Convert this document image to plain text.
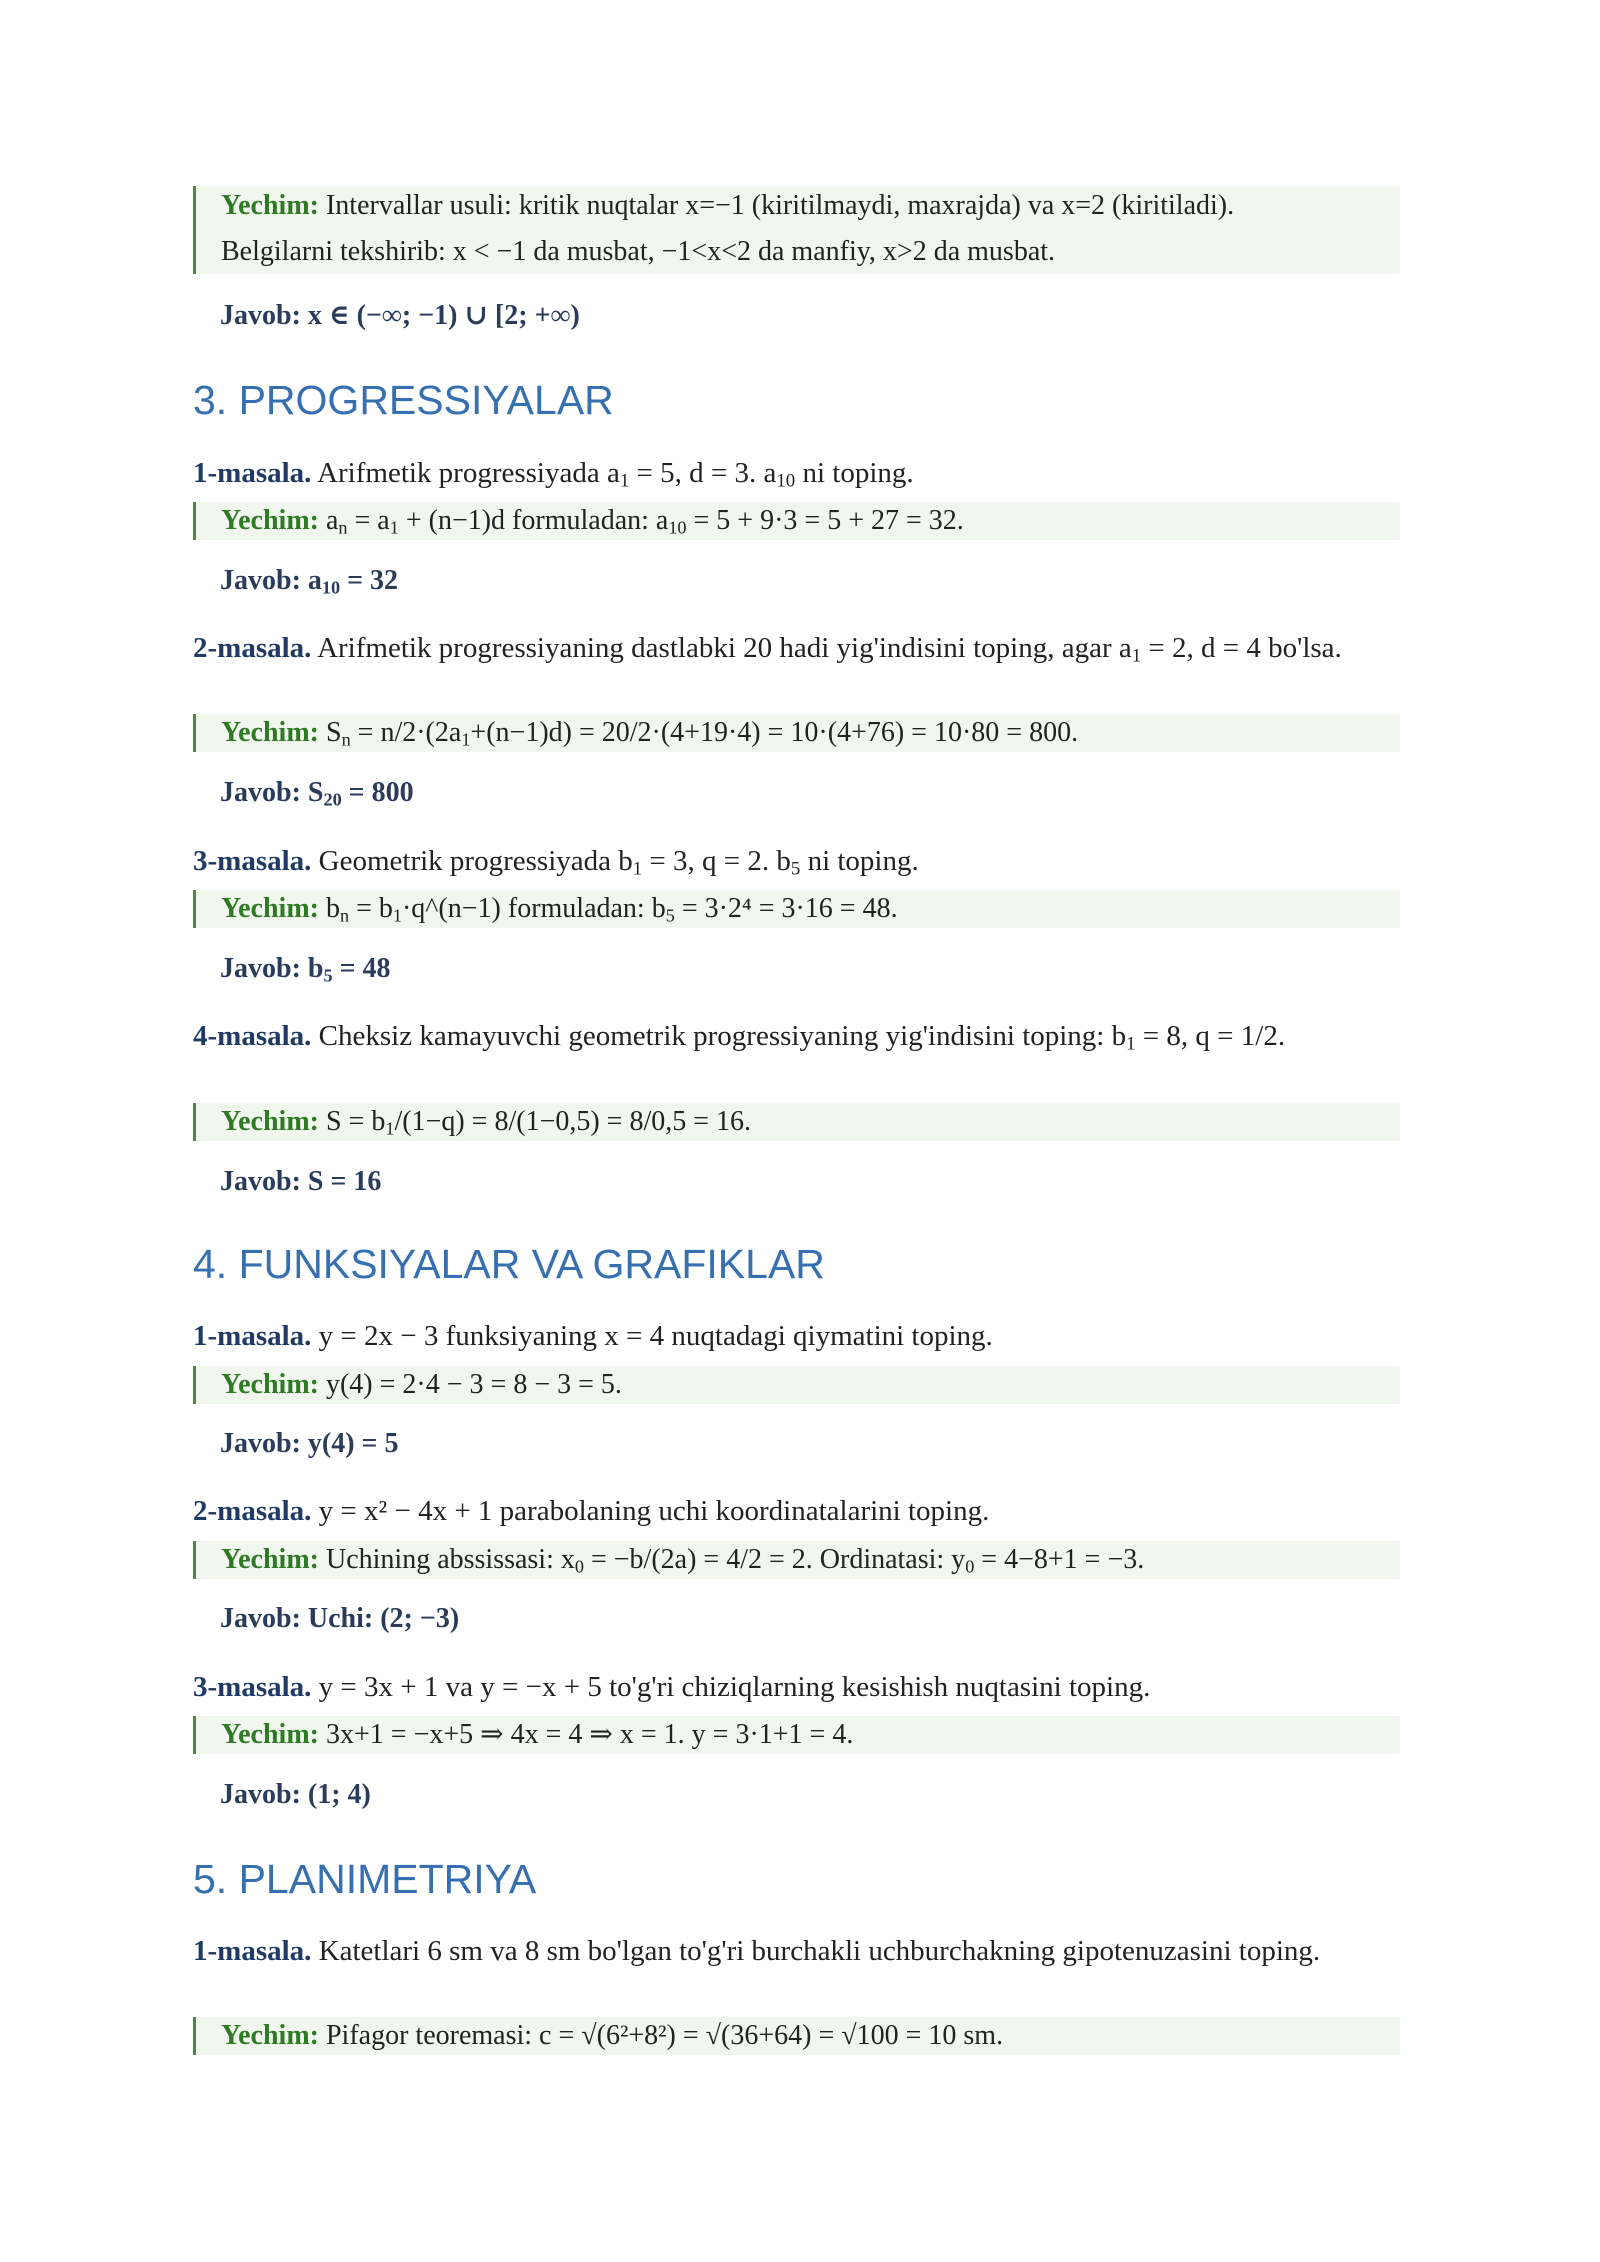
Yechim: Intervallar usuli: kritik nuqtalar x=−1 (kiritilmaydi, maxrajda) va x=2 (kiritiladi).
Belgilarni tekshirib: x < −1 da musbat, −1<x<2 da manfiy, x>2 da musbat.
Javob: x ∈ (−∞; −1) ∪ [2; +∞)
3. PROGRESSIYALAR
1-masala. Arifmetik progressiyada $a_1 = 5$, d = 3. $a_{10}$ ni toping.
Yechim: $a_n = a_1 + (n-1)d$ formuladan: $a_{10} = 5 + 9\cdot 3 = 5 + 27 = 32$.
Javob: $a_{10} = 32$
2-masala. Arifmetik progressiyaning dastlabki 20 hadi yig'indisini toping, agar $a_1 = 2$, d = 4 bo'lsa.
Yechim: $S_n = n/2\cdot(2a_1+(n-1)d) = 20/2\cdot(4+19\cdot 4) = 10\cdot(4+76) = 10\cdot 80 = 800$.
Javob: $S_{20} = 800$
3-masala. Geometrik progressiyada $b_1 = 3$, q = 2. $b_5$ ni toping.
Yechim: $b_n$ = $b_1\cdot q\^{}(n-1)$ formuladan: $b_5 = 3\cdot 2^4 = 3\cdot 16 = 48$.
Javob: $b_5 = 48$
4-masala. Cheksiz kamayuvchi geometrik progressiyaning yig'indisini toping: $b_1 = 8$, q = 1/2.
Yechim: $S = b_1/(1-q) = 8/(1-0,5) = 8/0,5 = 16$.
Javob: S = 16
4. FUNKSIYALAR VA GRAFIKLAR
1-masala. y = 2x − 3 funksiyaning x = 4 nuqtadagi qiymatini toping.
Yechim: y(4) = 2·4 − 3 = 8 − 3 = 5.
Javob: y(4) = 5
2-masala. y = x² − 4x + 1 parabolaning uchi koordinatalarini toping.
Yechim: Uchining abssissasi: $x_0 = -b/(2a) = 4/2 = 2$. Ordinatasi: $y_0 = 4-8+1 = -3$.
Javob: Uchi: (2; −3)
3-masala. y = 3x + 1 va y = −x + 5 to'g'ri chiziqlarning kesishish nuqtasini toping.
Yechim: 3x+1 = −x+5 ⇒ 4x = 4 ⇒ x = 1. y = 3·1+1 = 4.
Javob: (1; 4)
5. PLANIMETRIYA
1-masala. Katetlari 6 sm va 8 sm bo'lgan to'g'ri burchakli uchburchakning gipotenuzasini toping.
Yechim: Pifagor teoremasi: c = √(6²+8²) = √(36+64) = √100 = 10 sm.
